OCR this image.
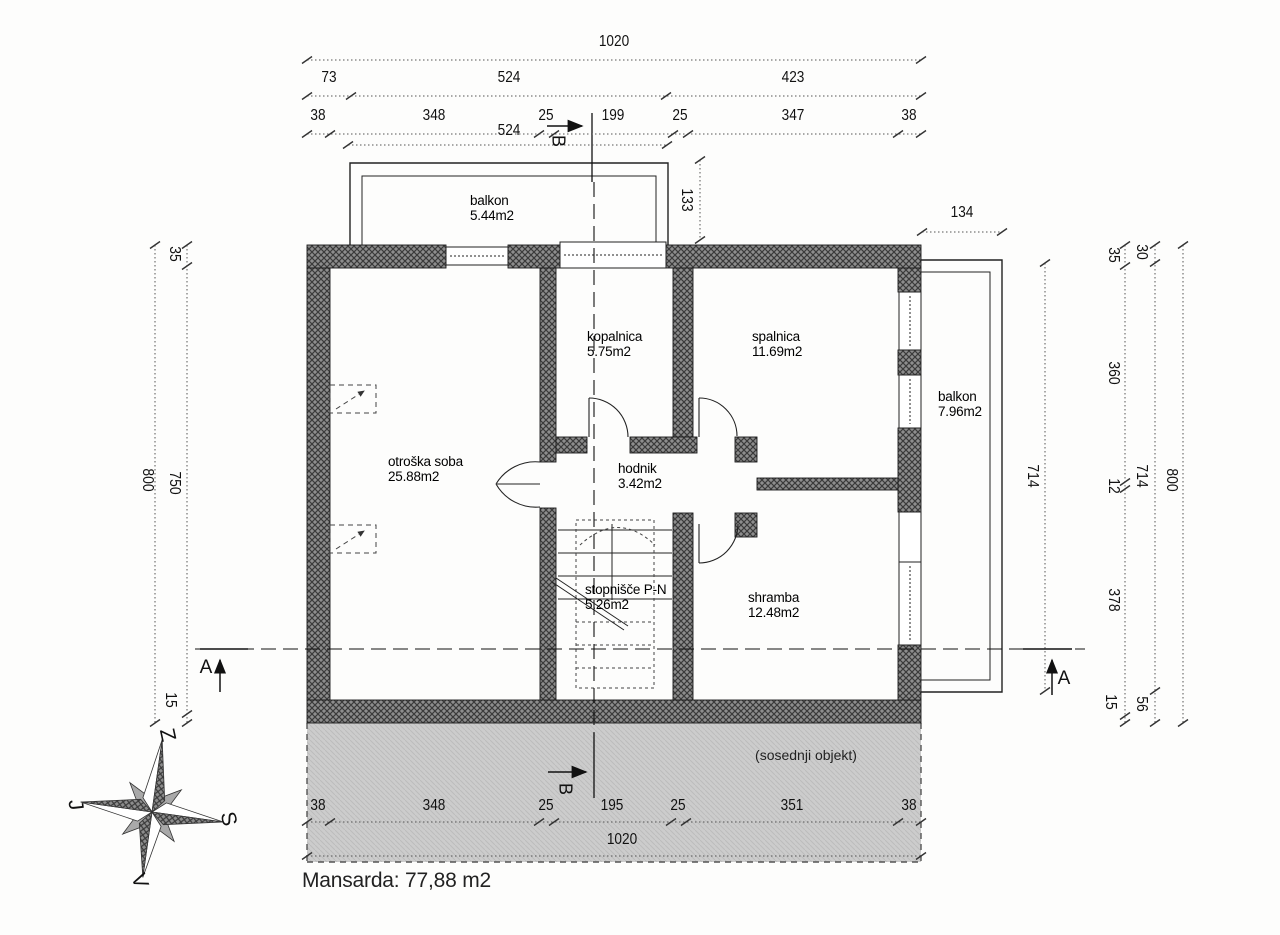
1020
73	524	423
38	348	25	199	25	347	38
524
133
134
38	348	25	195	25	351	38
1020
800
35
750
15
714
35
360
12
378
15
30
714
56
800
B
B
A
A
balkon
5.44m2
otroška soba
25.88m2
kopalnica
5.75m2
spalnica
11.69m2
hodnik
3.42m2
stopnišče P-N
5.26m2	shramba
12.48m2
balkon
7.96m2
(sosednji objekt)
Z
S
V
J
Mansarda: 77,88 m2
